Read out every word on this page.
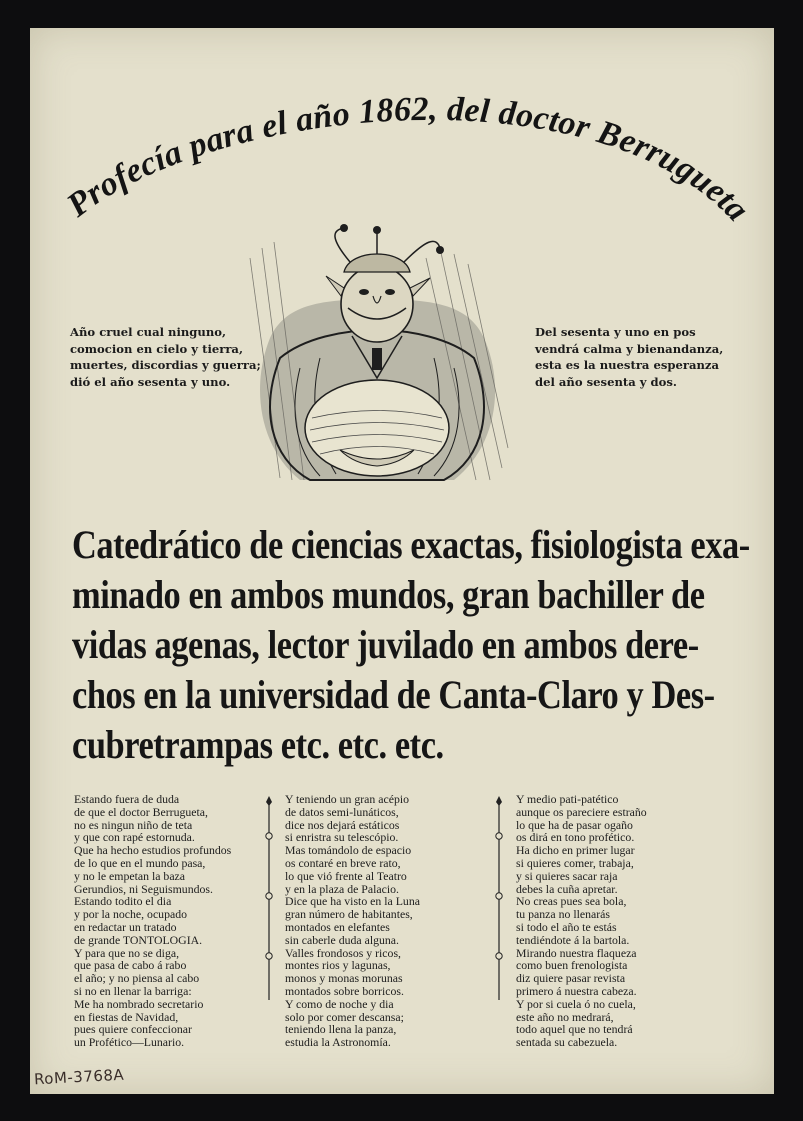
Profecía para el año 1862, del doctor Berrugueta,

Año cruel cual ninguno,

comocion en cielo y tierra,

muertes, discordias y guerra;

dió el año sesenta y uno.

Del sesenta y uno en pos

vendrá calma y bienandanza,

esta es la nuestra esperanza

del año sesenta y dos.

Catedrático de ciencias exactas, fisiologista exa-

minado en ambos mundos, gran bachiller de

vidas agenas, lector juvilado en ambos dere-

chos en la universidad de Canta-Claro y Des-

cubretrampas etc. etc. etc.

Estando fuera de duda

de que el doctor Berrugueta,

no es ningun niño de teta

y que con rapé estornuda.

Que ha hecho estudios profundos

de lo que en el mundo pasa,

y no le empetan la baza

Gerundios, ni Seguismundos.

Estando todito el dia

y por la noche, ocupado

en redactar un tratado

de grande TONTOLOGIA.

Y para que no se diga,

que pasa de cabo á rabo

el año; y no piensa al cabo

si no en llenar la barriga:

Me ha nombrado secretario

en fiestas de Navidad,

pues quiere confeccionar

un Profético—Lunario.

Y teniendo un gran acépio

de datos semi-lunáticos,

dice nos dejará estáticos

si enristra su telescópio.

Mas tomándolo de espacio

os contaré en breve rato,

lo que vió frente al Teatro

y en la plaza de Palacio.

Dice que ha visto en la Luna

gran número de habitantes,

montados en elefantes

sin caberle duda alguna.

Valles frondosos y ricos,

montes rios y lagunas,

monos y monas morunas

montados sobre borricos.

Y como de noche y dia

solo por comer descansa;

teniendo llena la panza,

estudia la Astronomía.

Y medio pati-patético

aunque os pareciere estraño

lo que ha de pasar ogaño

os dirá en tono profético.

Ha dicho en primer lugar

si quieres comer, trabaja,

y si quieres sacar raja

debes la cuña apretar.

No creas pues sea bola,

tu panza no llenarás

si todo el año te estás

tendiéndote á la bartola.

Mirando nuestra flaqueza

como buen frenologista

diz quiere pasar revista

primero á nuestra cabeza.

Y por si cuela ó no cuela,

este año no medrará,

todo aquel que no tendrá

sentada su cabezuela.

RoM-3768A
